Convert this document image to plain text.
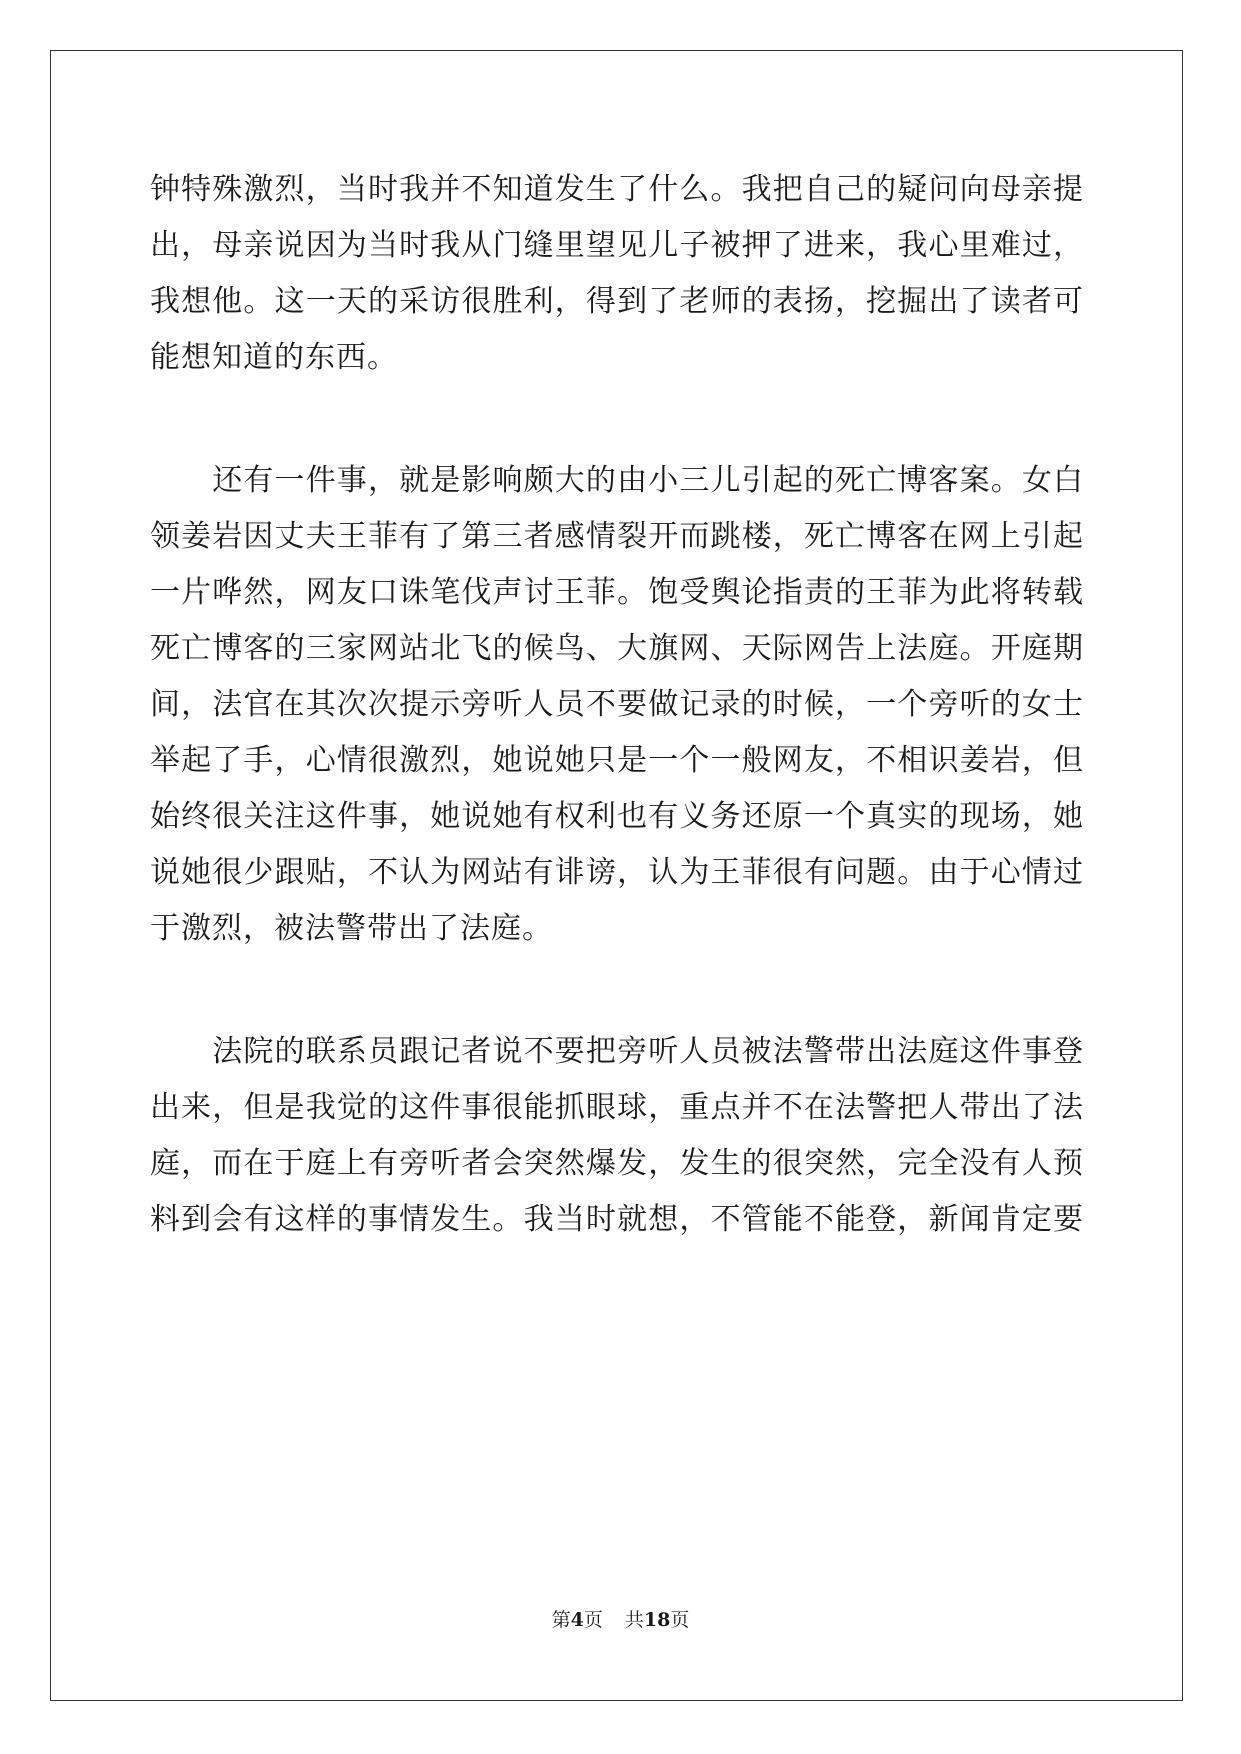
钟特殊激烈，当时我并不知道发生了什么。我把自己的疑问向母亲提
出，母亲说因为当时我从门缝里望见儿子被押了进来，我心里难过，
我想他。这一天的采访很胜利，得到了老师的表扬，挖掘出了读者可
能想知道的东西。
　　还有一件事，就是影响颇大的由小三儿引起的死亡博客案。女白
领姜岩因丈夫王菲有了第三者感情裂开而跳楼，死亡博客在网上引起
一片哗然，网友口诛笔伐声讨王菲。饱受舆论指责的王菲为此将转载
死亡博客的三家网站北飞的候鸟、大旗网、天际网告上法庭。开庭期
间，法官在其次次提示旁听人员不要做记录的时候，一个旁听的女士
举起了手，心情很激烈，她说她只是一个一般网友，不相识姜岩，但
始终很关注这件事，她说她有权利也有义务还原一个真实的现场，她
说她很少跟贴，不认为网站有诽谤，认为王菲很有问题。由于心情过
于激烈，被法警带出了法庭。
　　法院的联系员跟记者说不要把旁听人员被法警带出法庭这件事登
出来，但是我觉的这件事很能抓眼球，重点并不在法警把人带出了法
庭，而在于庭上有旁听者会突然爆发，发生的很突然，完全没有人预
料到会有这样的事情发生。我当时就想，不管能不能登，新闻肯定要
第4页 共18页
